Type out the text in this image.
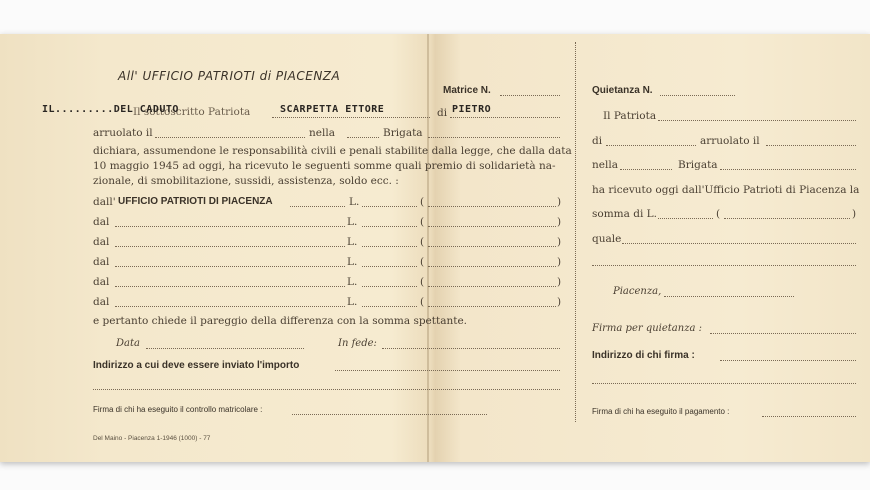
All' UFFICIO PATRIOTI di PIACENZA
Matrice N.
Il sottoscritto Patriota
IL.........DEL CADUTO	SCARPETTA ETTORE	di PIETRO
arruolato il	nella	Brigata
dichiara, assumendone le responsabilità civili e penali stabilite dalla legge, che dalla data
10 maggio 1945 ad oggi, ha ricevuto le seguenti somme quali premio di solidarietà na-
zionale, di smobilitazione, sussidi, assistenza, soldo ecc. :
dall' UFFICIO PATRIOTI DI PIACENZA	L.	(	)
dal	L.	(	)
dal	L.	(	)
dal	L.	(	)
dal	L.	(	)
dal	L.	(	)
e pertanto chiede il pareggio della differenza con la somma spettante.
Data	In fede:
Indirizzo a cui deve essere inviato l'importo
Firma di chi ha eseguito il controllo matricolare :
Del Maino - Piacenza 1-1946 (1000) - 77
Quietanza N.
Il Patriota
di	arruolato il
nella	Brigata
ha ricevuto oggi dall'Ufficio Patrioti di Piacenza la
somma di L.	(	)
quale
Piacenza,
Firma per quietanza :
Indirizzo di chi firma :
Firma di chi ha eseguito il pagamento :
